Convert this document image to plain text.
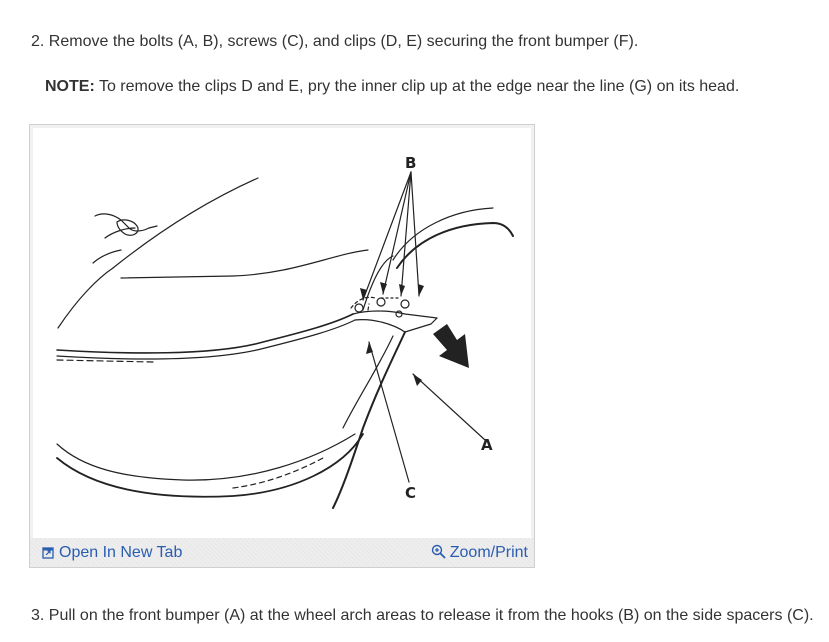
2. Remove the bolts (A, B), screws (C), and clips (D, E) securing the front bumper (F).

NOTE: To remove the clips D and E, pry the inner clip up at the edge near the line (G) on its head.

B
A
C
Open In New Tab	Zoom/Print

3. Pull on the front bumper (A) at the wheel arch areas to release it from the hooks (B) on the side spacers (C).
